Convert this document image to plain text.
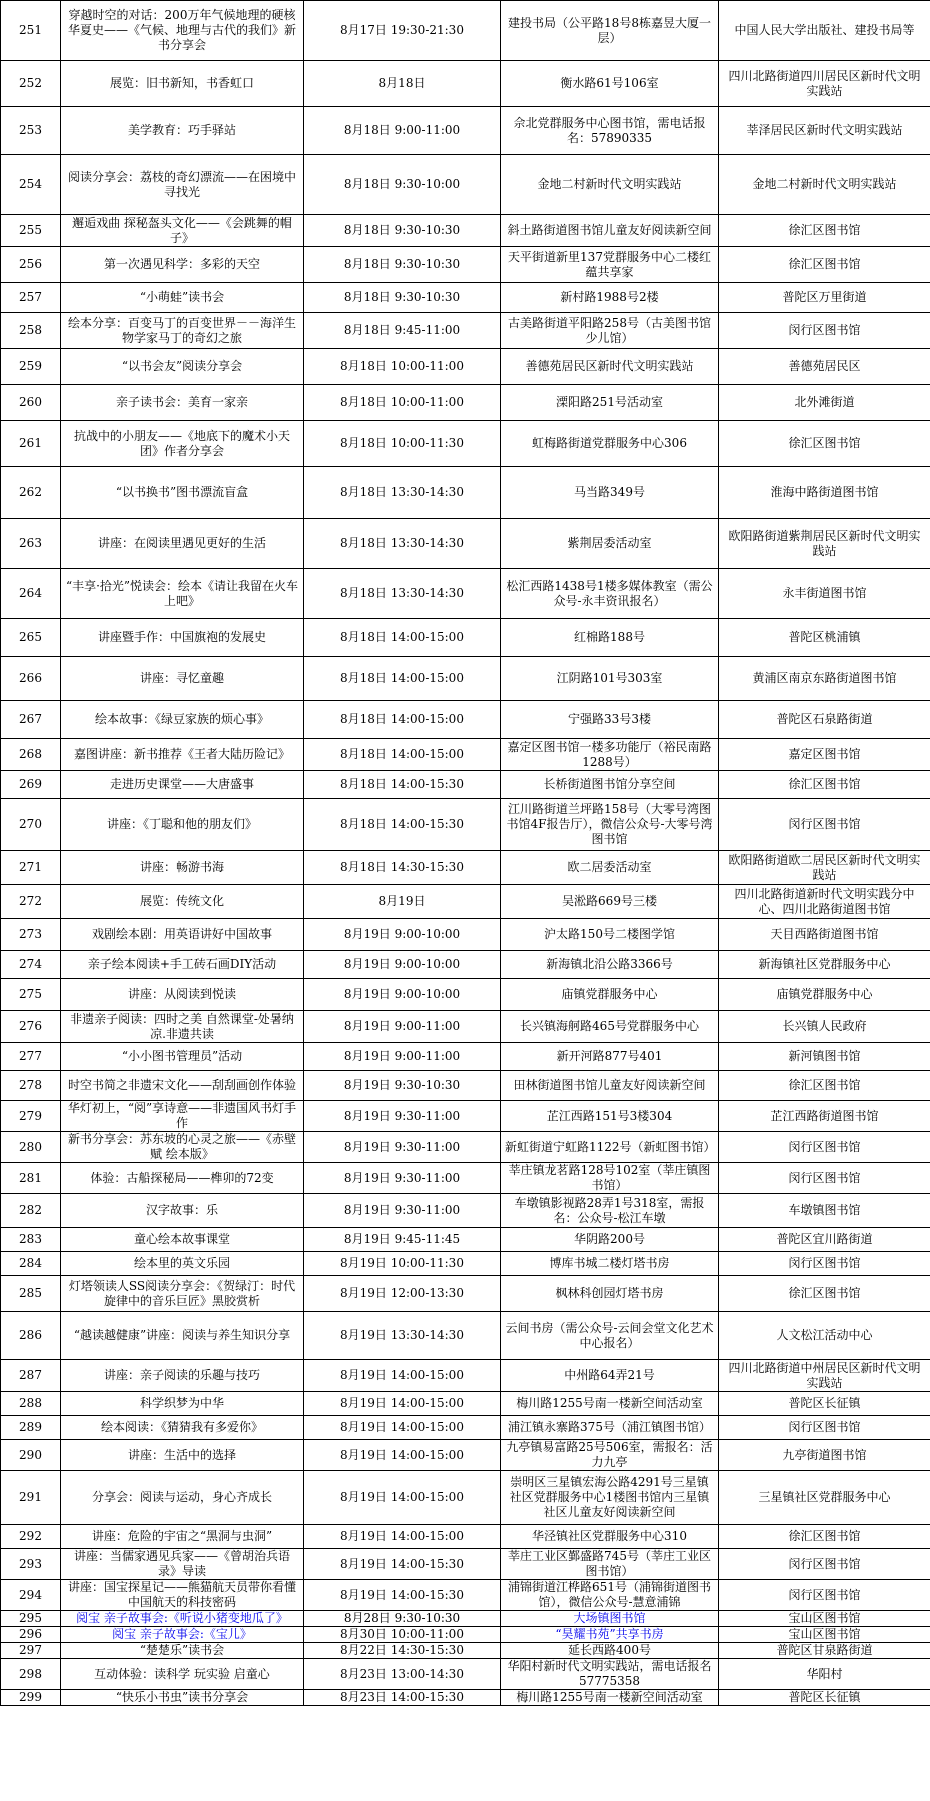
251	穿越时空的对话：200万年气候地理的硬核华夏史——《气候、地理与古代的我们》新书分享会	8月17日 19:30-21:30	建投书局（公平路18号8栋嘉昱大厦一层）	中国人民大学出版社、建投书局等
252	展览：旧书新知，书香虹口	8月18日	衡水路61号106室	四川北路街道四川居民区新时代文明实践站
253	美学教育：巧手驿站	8月18日 9:00-11:00	佘北党群服务中心图书馆，需电话报名：57890335	莘泽居民区新时代文明实践站
254	阅读分享会：荔枝的奇幻漂流——在困境中寻找光	8月18日 9:30-10:00	金地二村新时代文明实践站	金地二村新时代文明实践站
255	邂逅戏曲 探秘盔头文化——《会跳舞的帽子》	8月18日 9:30-10:30	斜土路街道图书馆儿童友好阅读新空间	徐汇区图书馆
256	第一次遇见科学：多彩的天空	8月18日 9:30-10:30	天平街道新里137党群服务中心二楼红蕴共享家	徐汇区图书馆
257	“小萌蛙”读书会	8月18日 9:30-10:30	新村路1988号2楼	普陀区万里街道
258	绘本分享：百变马丁的百变世界－－海洋生物学家马丁的奇幻之旅	8月18日 9:45-11:00	古美路街道平阳路258号（古美图书馆少儿馆）	闵行区图书馆
259	“以书会友”阅读分享会	8月18日 10:00-11:00	善德苑居民区新时代文明实践站	善德苑居民区
260	亲子读书会：美育一家亲	8月18日 10:00-11:00	溧阳路251号活动室	北外滩街道
261	抗战中的小朋友——《地底下的魔术小天团》作者分享会	8月18日 10:00-11:30	虹梅路街道党群服务中心306	徐汇区图书馆
262	“以书换书”图书漂流盲盒	8月18日 13:30-14:30	马当路349号	淮海中路街道图书馆
263	讲座：在阅读里遇见更好的生活	8月18日 13:30-14:30	紫荆居委活动室	欧阳路街道紫荆居民区新时代文明实践站
264	“丰享·拾光”悦读会：绘本《请让我留在火车上吧》	8月18日 13:30-14:30	松汇西路1438号1楼多媒体教室（需公众号-永丰资讯报名）	永丰街道图书馆
265	讲座暨手作：中国旗袍的发展史	8月18日 14:00-15:00	红棉路188号	普陀区桃浦镇
266	讲座：寻忆童趣	8月18日 14:00-15:00	江阴路101号303室	黄浦区南京东路街道图书馆
267	绘本故事：《绿豆家族的烦心事》	8月18日 14:00-15:00	宁强路33号3楼	普陀区石泉路街道
268	嘉图讲座：新书推荐《王者大陆历险记》	8月18日 14:00-15:00	嘉定区图书馆一楼多功能厅（裕民南路1288号）	嘉定区图书馆
269	走进历史课堂——大唐盛事	8月18日 14:00-15:30	长桥街道图书馆分享空间	徐汇区图书馆
270	讲座：《丁聪和他的朋友们》	8月18日 14:00-15:30	江川路街道兰坪路158号（大零号湾图书馆4F报告厅），微信公众号-大零号湾图书馆	闵行区图书馆
271	讲座：畅游书海	8月18日 14:30-15:30	欧二居委活动室	欧阳路街道欧二居民区新时代文明实践站
272	展览：传统文化	8月19日	吴淞路669号三楼	四川北路街道新时代文明实践分中心、四川北路街道图书馆
273	戏剧绘本剧：用英语讲好中国故事	8月19日 9:00-10:00	沪太路150号二楼图学馆	天目西路街道图书馆
274	亲子绘本阅读+手工砖石画DIY活动	8月19日 9:00-10:00	新海镇北沿公路3366号	新海镇社区党群服务中心
275	讲座：从阅读到悦读	8月19日 9:00-10:00	庙镇党群服务中心	庙镇党群服务中心
276	非遗亲子阅读：四时之美 自然课堂-处暑纳凉.非遗共读	8月19日 9:00-11:00	长兴镇海舸路465号党群服务中心	长兴镇人民政府
277	“小小图书管理员”活动	8月19日 9:00-11:00	新开河路877号401	新河镇图书馆
278	时空书简之非遗宋文化——刮刮画创作体验	8月19日 9:30-10:30	田林街道图书馆儿童友好阅读新空间	徐汇区图书馆
279	华灯初上，“阅”享诗意——非遗国风书灯手作	8月19日 9:30-11:00	芷江西路151号3楼304	芷江西路街道图书馆
280	新书分享会：苏东坡的心灵之旅——《赤壁赋 绘本版》	8月19日 9:30-11:00	新虹街道宁虹路1122号（新虹图书馆）	闵行区图书馆
281	体验：古船探秘局——榫卯的72变	8月19日 9:30-11:00	莘庄镇龙茗路128号102室（莘庄镇图书馆）	闵行区图书馆
282	汉字故事：乐	8月19日 9:30-11:00	车墩镇影视路28弄1号318室，需报名：公众号-松江车墩	车墩镇图书馆
283	童心绘本故事课堂	8月19日 9:45-11:45	华阴路200号	普陀区宜川路街道
284	绘本里的英文乐园	8月19日 10:00-11:30	博库书城二楼灯塔书房	闵行区图书馆
285	灯塔领读人SS阅读分享会：《贺绿汀：时代旋律中的音乐巨匠》黑胶赏析	8月19日 12:00-13:30	枫林科创园灯塔书房	徐汇区图书馆
286	“越读越健康”讲座：阅读与养生知识分享	8月19日 13:30-14:30	云间书房（需公众号-云间会堂文化艺术中心报名）	人文松江活动中心
287	讲座：亲子阅读的乐趣与技巧	8月19日 14:00-15:00	中州路64弄21号	四川北路街道中州居民区新时代文明实践站
288	科学织梦为中华	8月19日 14:00-15:00	梅川路1255号南一楼新空间活动室	普陀区长征镇
289	绘本阅读：《猜猜我有多爱你》	8月19日 14:00-15:00	浦江镇永寨路375号（浦江镇图书馆）	闵行区图书馆
290	讲座：生活中的选择	8月19日 14:00-15:00	九亭镇易富路25号506室，需报名：活力九亭	九亭街道图书馆
291	分享会：阅读与运动，身心齐成长	8月19日 14:00-15:00	崇明区三星镇宏海公路4291号三星镇社区党群服务中心1楼图书馆内三星镇社区儿童友好阅读新空间	三星镇社区党群服务中心
292	讲座：危险的宇宙之“黑洞与虫洞”	8月19日 14:00-15:00	华泾镇社区党群服务中心310	徐汇区图书馆
293	讲座：当儒家遇见兵家——《曾胡治兵语录》导读	8月19日 14:00-15:30	莘庄工业区鄞盛路745号（莘庄工业区图书馆）	闵行区图书馆
294	讲座：国宝探星记——熊猫航天员带你看懂中国航天的科技密码	8月19日 14:00-15:30	浦锦街道江桦路651号（浦锦街道图书馆），微信公众号-慧意浦锦	闵行区图书馆
295	阅宝 亲子故事会:《听说小猪变地瓜了》	8月28日 9:30-10:30	大场镇图书馆	宝山区图书馆
296	阅宝 亲子故事会:《宝儿》	8月30日 10:00-11:00	“昊耀书苑”共享书房	宝山区图书馆
297	“楚楚乐”读书会	8月22日 14:30-15:30	延长西路400号	普陀区甘泉路街道
298	互动体验：读科学 玩实验 启童心	8月23日 13:00-14:30	华阳村新时代文明实践站，需电话报名57775358	华阳村
299	“快乐小书虫”读书分享会	8月23日 14:00-15:30	梅川路1255号南一楼新空间活动室	普陀区长征镇
